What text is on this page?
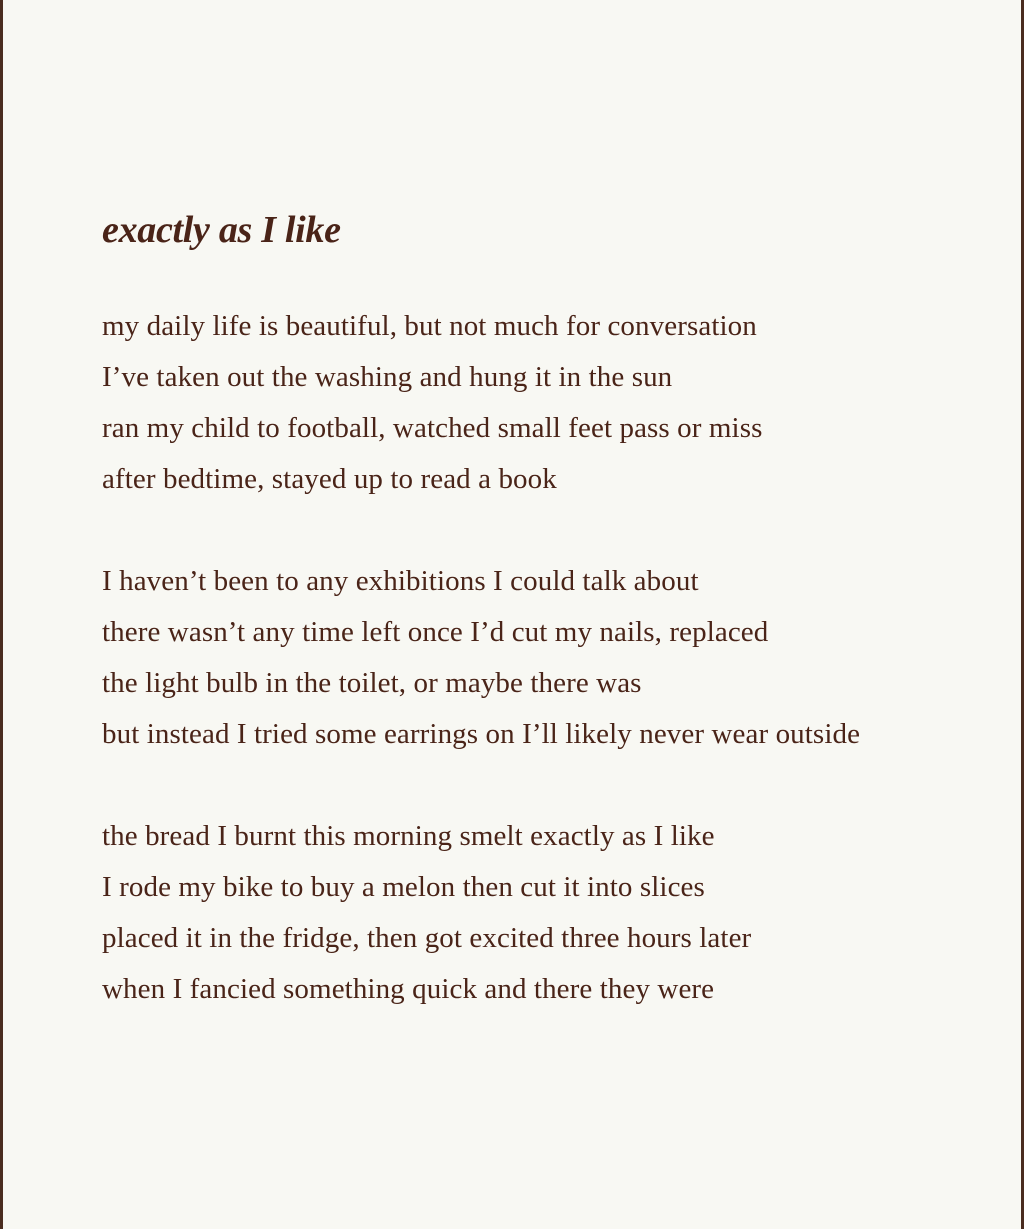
exactly as I like
my daily life is beautiful, but not much for conversation
I’ve taken out the washing and hung it in the sun
ran my child to football, watched small feet pass or miss
after bedtime, stayed up to read a book
I haven’t been to any exhibitions I could talk about
there wasn’t any time left once I’d cut my nails, replaced
the light bulb in the toilet, or maybe there was
but instead I tried some earrings on I’ll likely never wear outside
the bread I burnt this morning smelt exactly as I like
I rode my bike to buy a melon then cut it into slices
placed it in the fridge, then got excited three hours later
when I fancied something quick and there they were
